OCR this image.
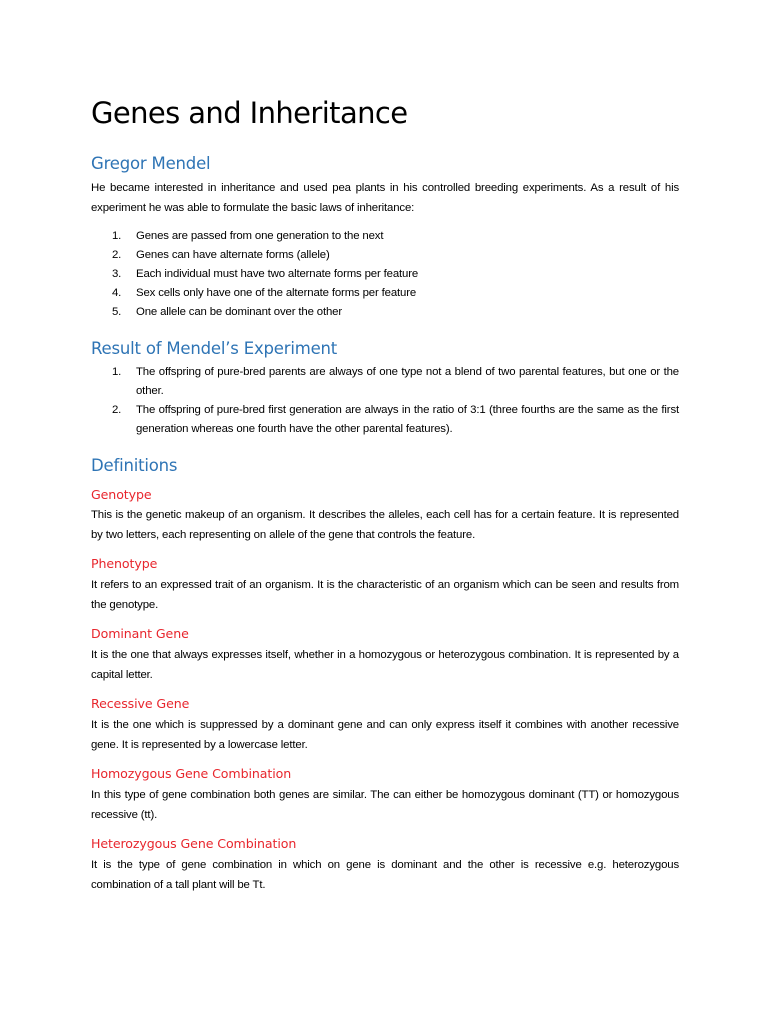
Genes and Inheritance
Gregor Mendel

He became interested in inheritance and used pea plants in his controlled breeding experiments. As a result of his experiment he was able to formulate the basic laws of inheritance:

1. Genes are passed from one generation to the next
2. Genes can have alternate forms (allele)
3. Each individual must have two alternate forms per feature
4. Sex cells only have one of the alternate forms per feature
5. One allele can be dominant over the other
Result of Mendel’s Experiment
1. The offspring of pure-bred parents are always of one type not a blend of two parental features, but one or the other.
2. The offspring of pure-bred first generation are always in the ratio of 3:1 (three fourths are the same as the first generation whereas one fourth have the other parental features).
Definitions
Genotype

This is the genetic makeup of an organism. It describes the alleles, each cell has for a certain feature. It is represented by two letters, each representing on allele of the gene that controls the feature.

Phenotype

It refers to an expressed trait of an organism. It is the characteristic of an organism which can be seen and results from the genotype.

Dominant Gene

It is the one that always expresses itself, whether in a homozygous or heterozygous combination. It is represented by a capital letter.

Recessive Gene

It is the one which is suppressed by a dominant gene and can only express itself it combines with another recessive gene. It is represented by a lowercase letter.

Homozygous Gene Combination

In this type of gene combination both genes are similar. The can either be homozygous dominant (TT) or homozygous recessive (tt).

Heterozygous Gene Combination

It is the type of gene combination in which on gene is dominant and the other is recessive e.g. heterozygous combination of a tall plant will be Tt.
